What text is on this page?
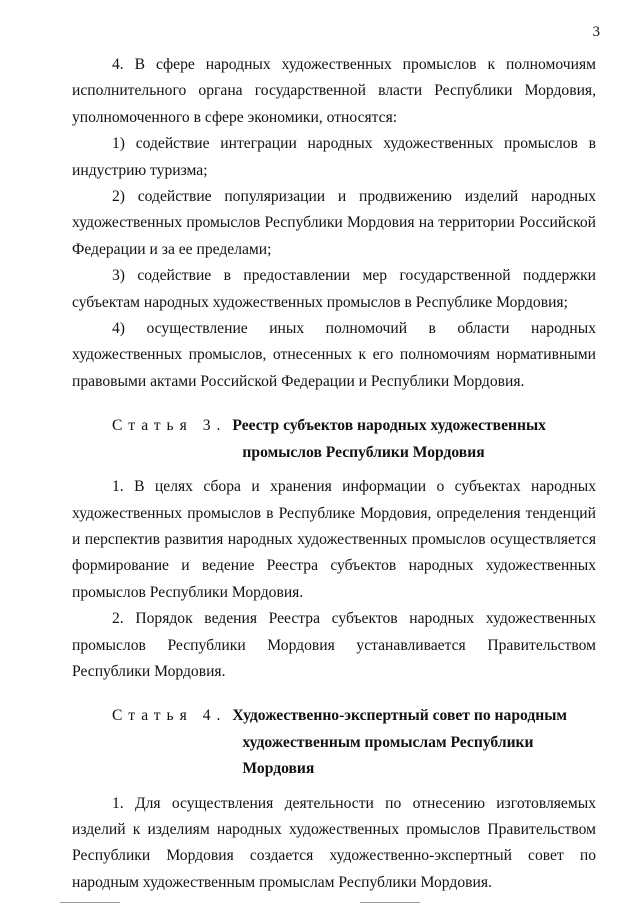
3

4. В сфере народных художественных промыслов к полномочиям исполнительного органа государственной власти Республики Мордовия, уполномоченного в сфере экономики, относятся:

1) содействие интеграции народных художественных промыслов в индустрию туризма;

2) содействие популяризации и продвижению изделий народных художественных промыслов Республики Мордовия на территории Российской Федерации и за ее пределами;

3) содействие в предоставлении мер государственной поддержки субъектам народных художественных промыслов в Республике Мордовия;

4) осуществление иных полномочий в области народных художественных промыслов, отнесенных к его полномочиям нормативными правовыми актами Российской Федерации и Республики Мордовия.

Статья 3. Реестр субъектов народных художественных
промыслов Республики Мордовия

1. В целях сбора и хранения информации о субъектах народных художественных промыслов в Республике Мордовия, определения тенденций и перспектив развития народных художественных промыслов осуществляется формирование и ведение Реестра субъектов народных художественных промыслов Республики Мордовия.

2. Порядок ведения Реестра субъектов народных художественных промыслов Республики Мордовия устанавливается Правительством Республики Мордовия.

Статья 4. Художественно-экспертный совет по народным
художественным промыслам Республики Мордовия

1. Для осуществления деятельности по отнесению изготовляемых изделий к изделиям народных художественных промыслов Правительством Республики Мордовия создается художественно-экспертный совет по народным художественным промыслам Республики Мордовия.
